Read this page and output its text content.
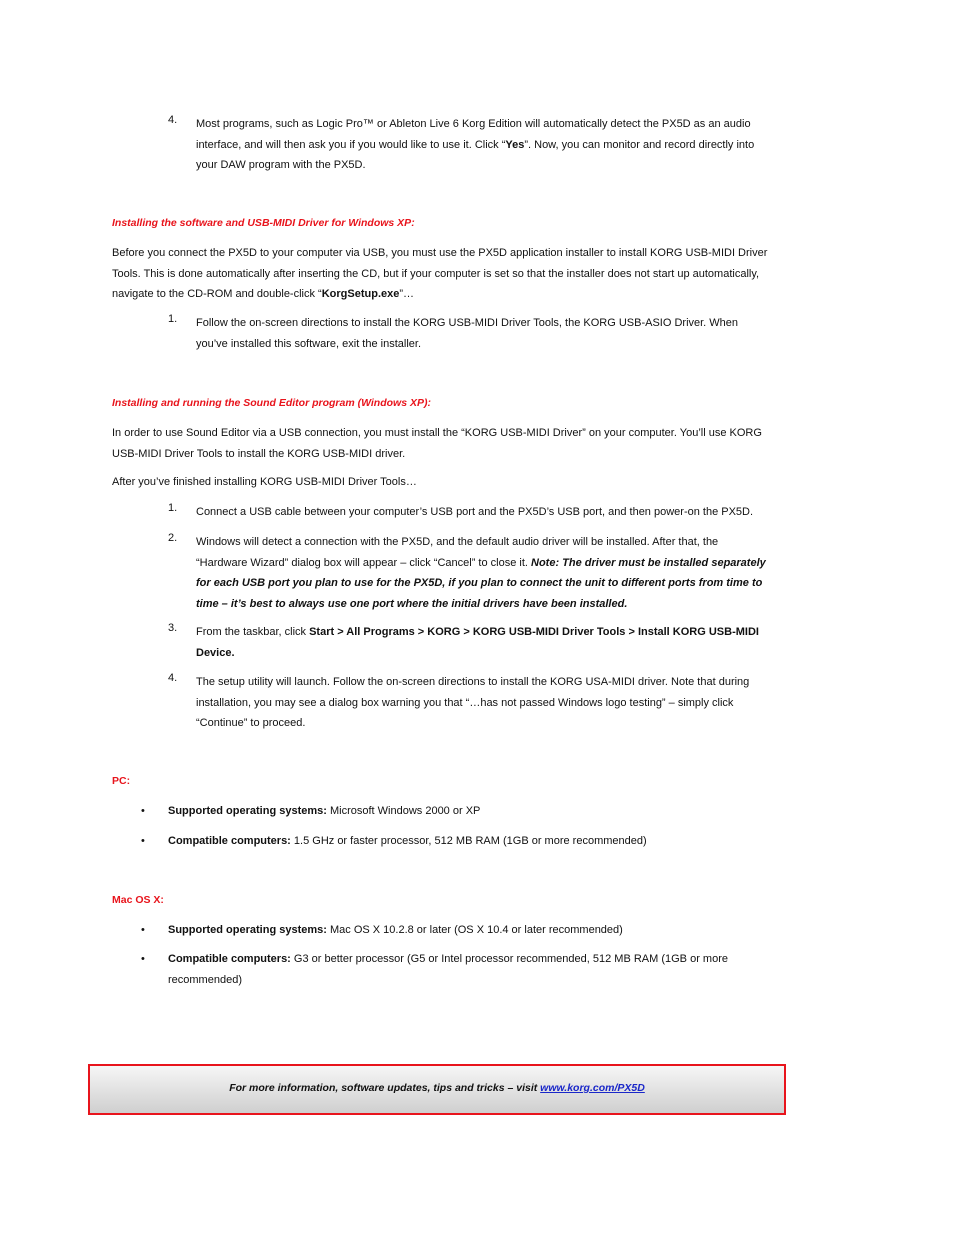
4.	Most programs, such as Logic Pro™ or Ableton Live 6 Korg Edition will automatically detect the PX5D as an audio interface, and will then ask you if you would like to use it. Click “Yes”. Now, you can monitor and record directly into your DAW program with the PX5D.
Installing the software and USB-MIDI Driver for Windows XP:
Before you connect the PX5D to your computer via USB, you must use the PX5D application installer to install KORG USB-MIDI Driver Tools. This is done automatically after inserting the CD, but if your computer is set so that the installer does not start up automatically, navigate to the CD-ROM and double-click “KorgSetup.exe”…
1.	Follow the on-screen directions to install the KORG USB-MIDI Driver Tools, the KORG USB-ASIO Driver. When you’ve installed this software, exit the installer.
Installing and running the Sound Editor program (Windows XP):
In order to use Sound Editor via a USB connection, you must install the “KORG USB-MIDI Driver” on your computer. You’ll use KORG USB-MIDI Driver Tools to install the KORG USB-MIDI driver.
After you’ve finished installing KORG USB-MIDI Driver Tools…
1.	Connect a USB cable between your computer’s USB port and the PX5D’s USB port, and then power-on the PX5D.
2.	Windows will detect a connection with the PX5D, and the default audio driver will be installed. After that, the “Hardware Wizard” dialog box will appear – click “Cancel” to close it. Note: The driver must be installed separately for each USB port you plan to use for the PX5D, if you plan to connect the unit to different ports from time to time – it’s best to always use one port where the initial drivers have been installed.
3.	From the taskbar, click Start > All Programs > KORG > KORG USB-MIDI Driver Tools > Install KORG USB-MIDI Device.
4.	The setup utility will launch. Follow the on-screen directions to install the KORG USA-MIDI driver. Note that during installation, you may see a dialog box warning you that “…has not passed Windows logo testing” – simply click “Continue” to proceed.
PC:
• Supported operating systems: Microsoft Windows 2000 or XP
• Compatible computers: 1.5 GHz or faster processor, 512 MB RAM (1GB or more recommended)
Mac OS X:
• Supported operating systems: Mac OS X 10.2.8 or later (OS X 10.4 or later recommended)
• Compatible computers: G3 or better processor (G5 or Intel processor recommended, 512 MB RAM (1GB or more recommended)
For more information, software updates, tips and tricks – visit www.korg.com/PX5D
